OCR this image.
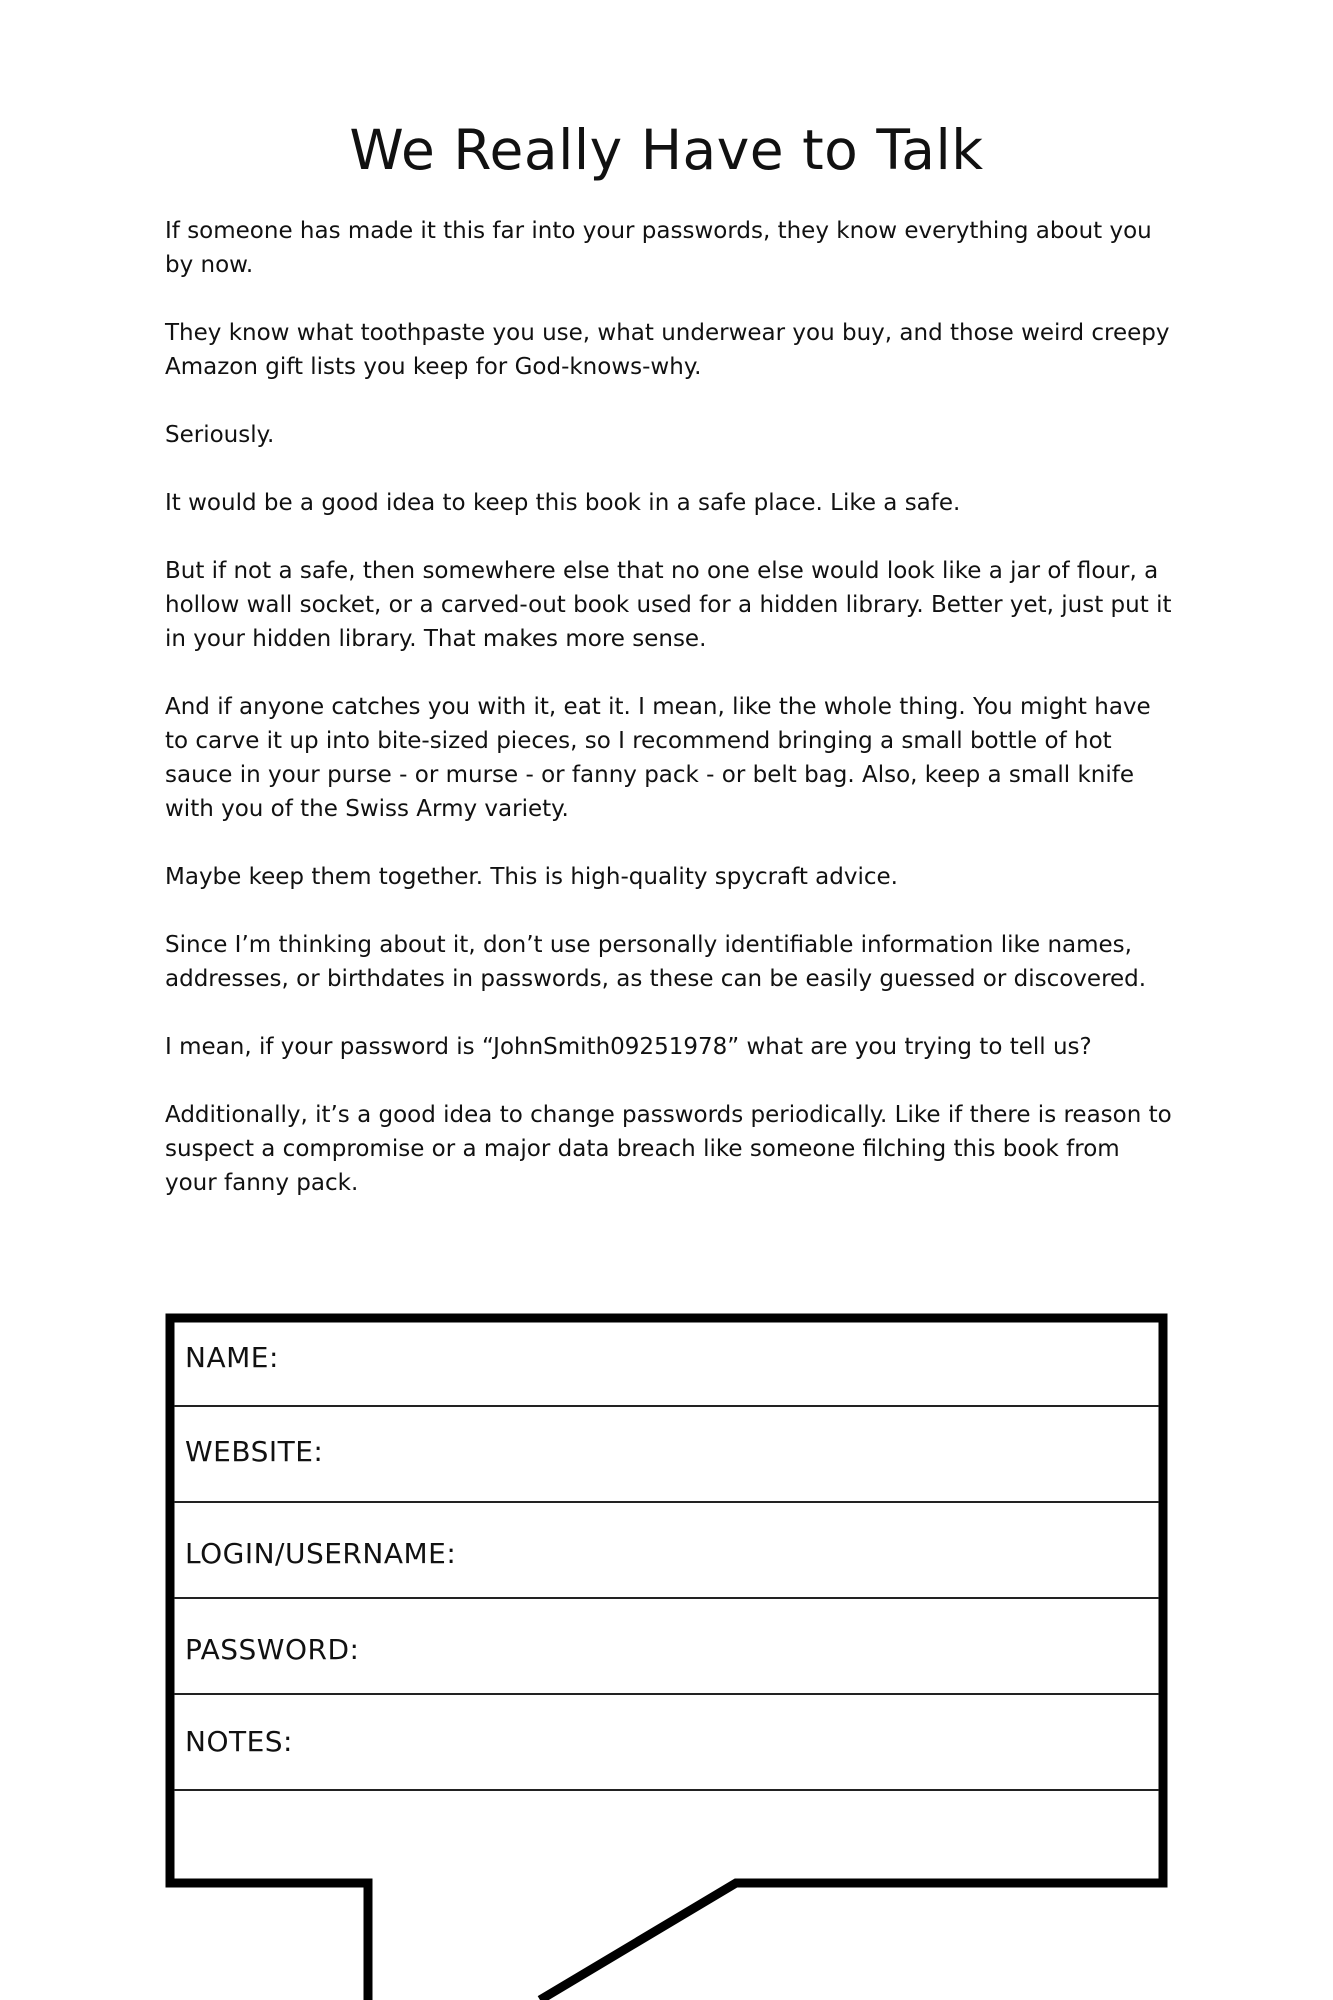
We Really Have to Talk

If someone has made it this far into your passwords, they know everything about you by now.

They know what toothpaste you use, what underwear you buy, and those weird creepy Amazon gift lists you keep for God-knows-why.

Seriously.

It would be a good idea to keep this book in a safe place. Like a safe.

But if not a safe, then somewhere else that no one else would look like a jar of flour, a hollow wall socket, or a carved-out book used for a hidden library. Better yet, just put it in your hidden library. That makes more sense.

And if anyone catches you with it, eat it. I mean, like the whole thing. You might have to carve it up into bite-sized pieces, so I recommend bringing a small bottle of hot sauce in your purse - or murse - or fanny pack - or belt bag. Also, keep a small knife with you of the Swiss Army variety.

Maybe keep them together. This is high-quality spycraft advice.

Since I’m thinking about it, don’t use personally identifiable information like names, addresses, or birthdates in passwords, as these can be easily guessed or discovered.

I mean, if your password is “JohnSmith09251978” what are you trying to tell us?

Additionally, it’s a good idea to change passwords periodically. Like if there is reason to suspect a compromise or a major data breach like someone filching this book from your fanny pack.

NAME:
WEBSITE:
LOGIN/USERNAME:
PASSWORD:
NOTES:
